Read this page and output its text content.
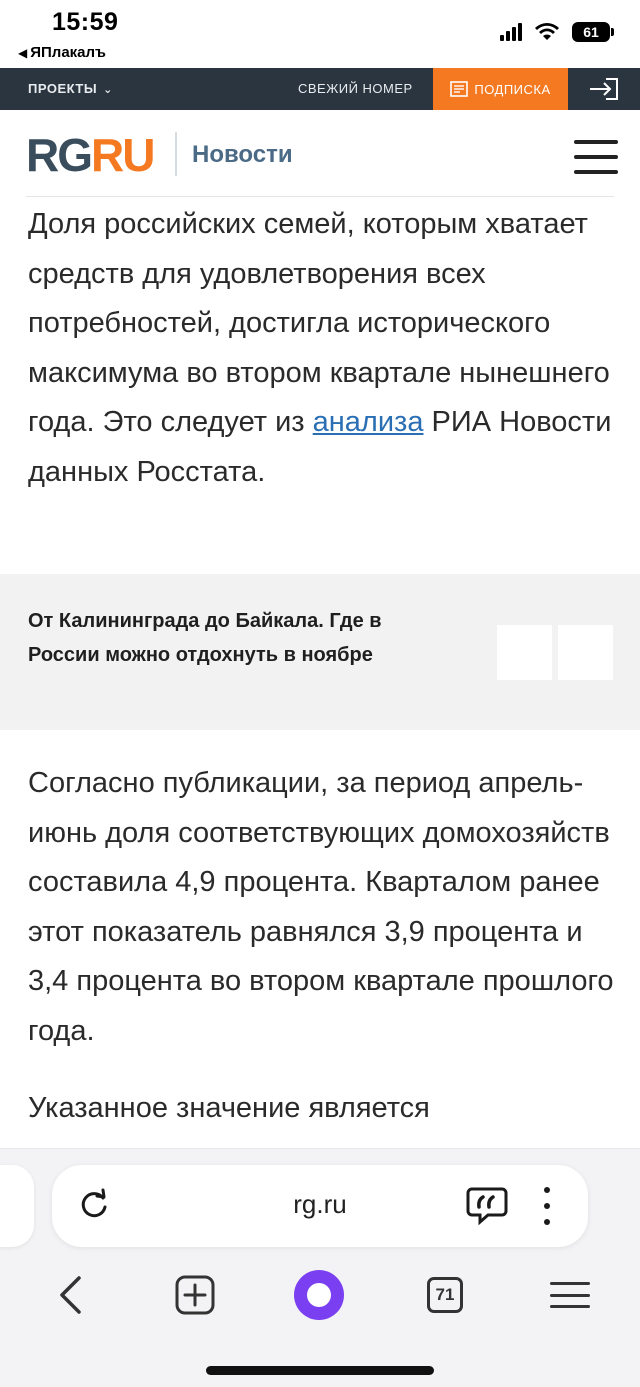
15:59
◀ ЯПлакалъ
61
ПРОЕКТЫ ⌄	СВЕЖИЙ НОМЕР	ПОДПИСКА
RGRU Новости

Доля российских семей, которым хватает средств для удовлетворения всех потребностей, достигла исторического максимума во втором квартале нынешнего года. Это следует из анализа РИА Новости данных Росстата.

От Калининграда до Байкала. Где в России можно отдохнуть в ноябре

Согласно публикации, за период апрель-июнь доля соответствующих домохозяйств составила 4,9 процента. Кварталом ранее этот показатель равнялся 3,9 процента и 3,4 процента во втором квартале прошлого года.

Указанное значение является

rg.ru
71
